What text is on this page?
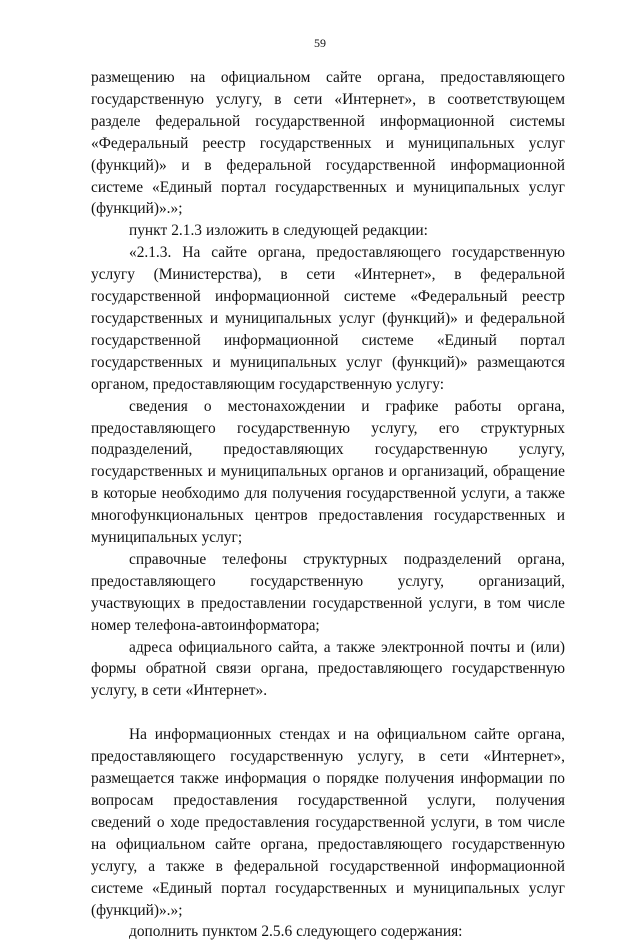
59

размещению на официальном сайте органа, предоставляющего государственную услугу, в сети «Интернет», в соответствующем разделе федеральной государственной информационной системы «Федеральный реестр государственных и муниципальных услуг (функций)» и в федеральной государственной информационной системе «Единый портал государственных и муниципальных услуг (функций)».»;

пункт 2.1.3 изложить в следующей редакции:

«2.1.3. На сайте органа, предоставляющего государственную услугу (Министерства), в сети «Интернет», в федеральной государственной информационной системе «Федеральный реестр государственных и муниципальных услуг (функций)» и федеральной государственной информационной системе «Единый портал государственных и муниципальных услуг (функций)» размещаются органом, предоставляющим государственную услугу:

сведения о местонахождении и графике работы органа, предоставляющего государственную услугу, его структурных подразделений, предоставляющих государственную услугу, государственных и муниципальных органов и организаций, обращение в которые необходимо для получения государственной услуги, а также многофункциональных центров предоставления государственных и муниципальных услуг;

справочные телефоны структурных подразделений органа, предоставляющего государственную услугу, организаций, участвующих в предоставлении государственной услуги, в том числе номер телефона-автоинформатора;

адреса официального сайта, а также электронной почты и (или) формы обратной связи органа, предоставляющего государственную услугу, в сети «Интернет».

На информационных стендах и на официальном сайте органа, предоставляющего государственную услугу, в сети «Интернет», размещается также информация о порядке получения информации по вопросам предоставления государственной услуги, получения сведений о ходе предоставления государственной услуги, в том числе на официальном сайте органа, предоставляющего государственную услугу, а также в федеральной государственной информационной системе «Единый портал государственных и муниципальных услуг (функций)».»;

дополнить пунктом 2.5.6 следующего содержания:
